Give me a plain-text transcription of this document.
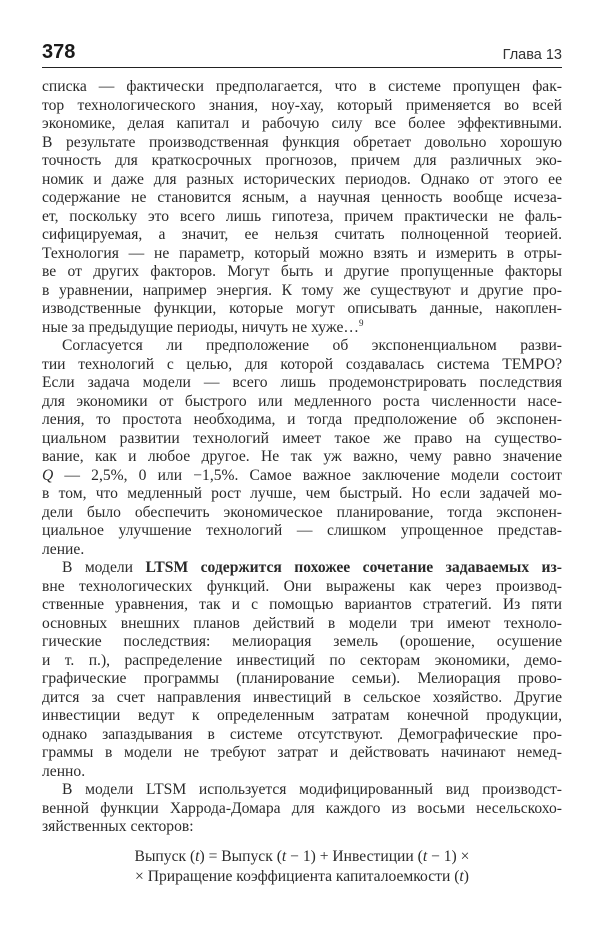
378	Глава 13
списка — фактически предполагается, что в системе пропущен фак-
тор технологического знания, ноу-хау, который применяется во всей
экономике, делая капитал и рабочую силу все более эффективными.
В результате производственная функция обретает довольно хорошую
точность для краткосрочных прогнозов, причем для различных эко-
номик и даже для разных исторических периодов. Однако от этого ее
содержание не становится ясным, а научная ценность вообще исчеза-
ет, поскольку это всего лишь гипотеза, причем практически не фаль-
сифицируемая, а значит, ее нельзя считать полноценной теорией.
Технология — не параметр, который можно взять и измерить в отры-
ве от других факторов. Могут быть и другие пропущенные факторы
в уравнении, например энергия. К тому же существуют и другие про-
изводственные функции, которые могут описывать данные, накоплен-
ные за предыдущие периоды, ничуть не хуже…$^9$
Согласуется ли предположение об экспоненциальном разви-
тии технологий с целью, для которой создавалась система TEMPO?
Если задача модели — всего лишь продемонстрировать последствия
для экономики от быстрого или медленного роста численности насе-
ления, то простота необходима, и тогда предположение об экспонен-
циальном развитии технологий имеет такое же право на существо-
вание, как и любое другое. Не так уж важно, чему равно значение
Q — 2,5%, 0 или −1,5%. Самое важное заключение модели состоит
в том, что медленный рост лучше, чем быстрый. Но если задачей мо-
дели было обеспечить экономическое планирование, тогда экспонен-
циальное улучшение технологий — слишком упрощенное представ-
ление.
В модели LTSM содержится похожее сочетание задаваемых из-
вне технологических функций. Они выражены как через производ-
ственные уравнения, так и с помощью вариантов стратегий. Из пяти
основных внешних планов действий в модели три имеют техноло-
гические последствия: мелиорация земель (орошение, осушение
и т. п.), распределение инвестиций по секторам экономики, демо-
графические программы (планирование семьи). Мелиорация прово-
дится за счет направления инвестиций в сельское хозяйство. Другие
инвестиции ведут к определенным затратам конечной продукции,
однако запаздывания в системе отсутствуют. Демографические про-
граммы в модели не требуют затрат и действовать начинают немед-
ленно.
В модели LTSM используется модифицированный вид производст-
венной функции Харрода-Домара для каждого из восьми несельскохо-
зяйственных секторов:
Выпуск (t) = Выпуск (t − 1) + Инвестиции (t − 1) ×
× Приращение коэффициента капиталоемкости (t)
